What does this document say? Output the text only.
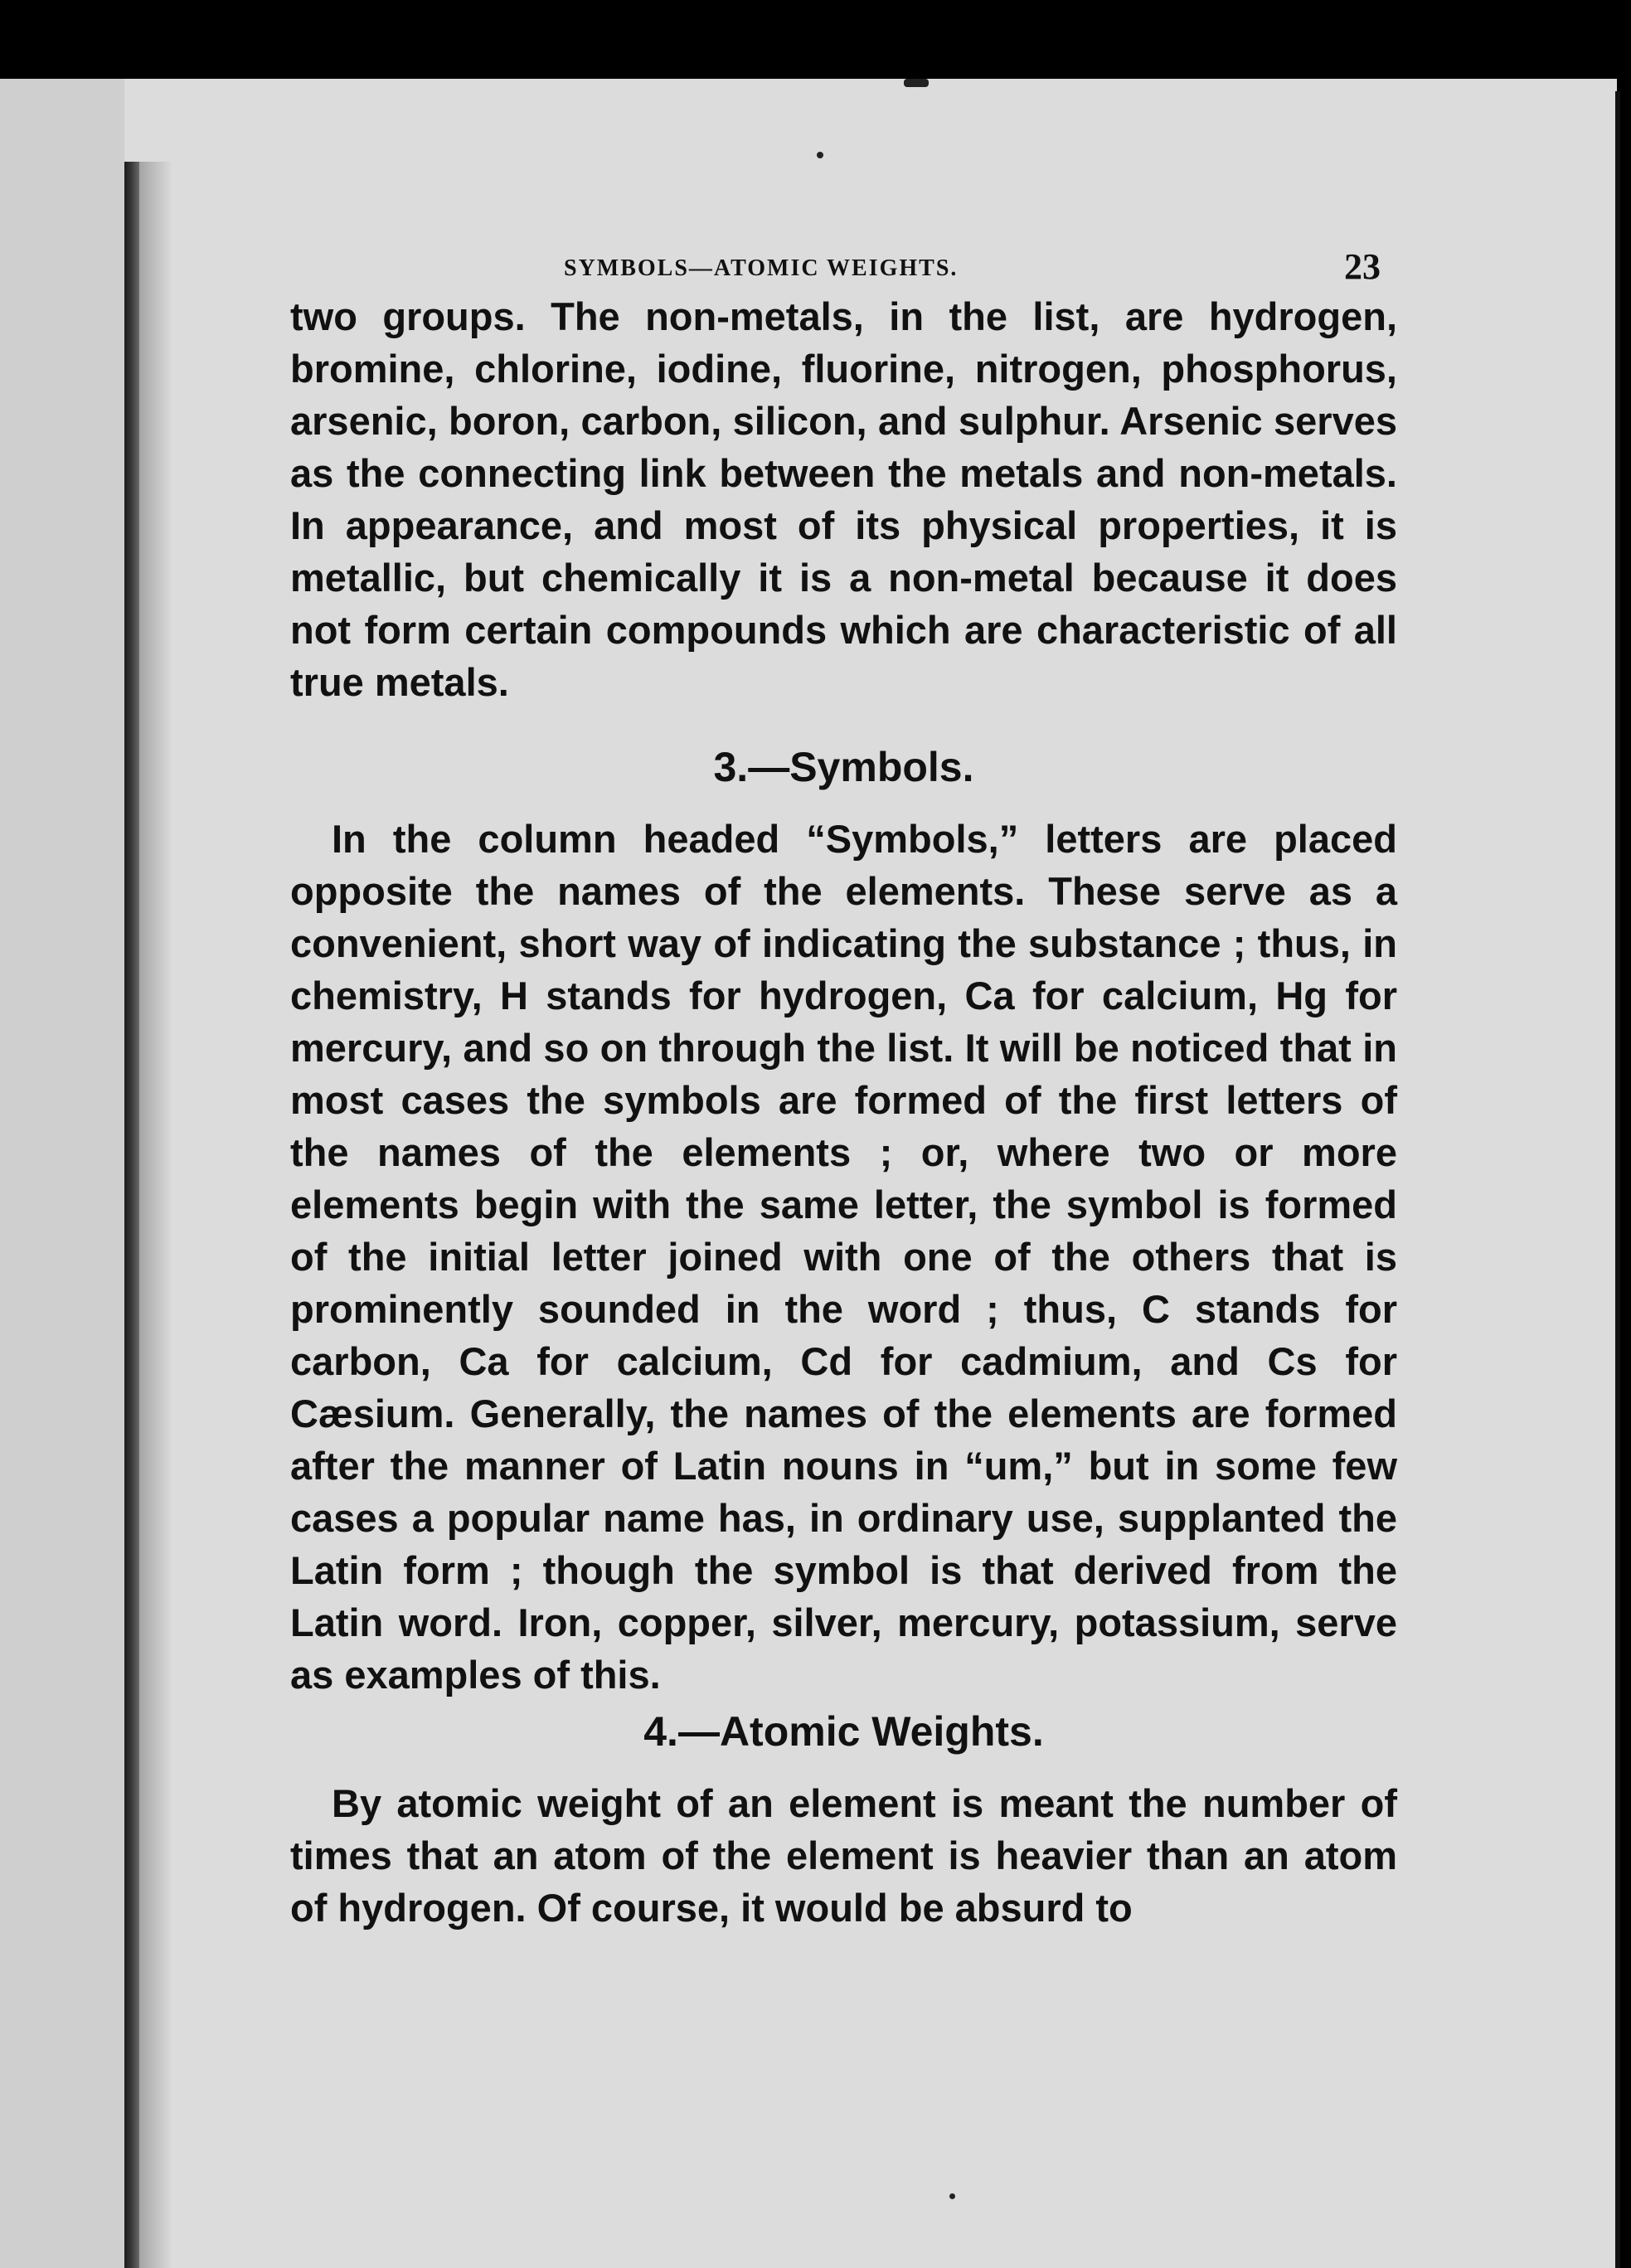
SYMBOLS—ATOMIC WEIGHTS.	23

two groups. The non-metals, in the list, are hydrogen, bromine, chlorine, iodine, fluorine, nitrogen, phosphorus, arsenic, boron, carbon, silicon, and sulphur. Arsenic serves as the connecting link between the metals and non-metals. In appearance, and most of its physical properties, it is metallic, but chemically it is a non-metal because it does not form certain compounds which are characteristic of all true metals.

3.—Symbols.

In the column headed “Symbols,” letters are placed opposite the names of the elements. These serve as a convenient, short way of indicating the substance ; thus, in chemistry, H stands for hydrogen, Ca for calcium, Hg for mercury, and so on through the list. It will be noticed that in most cases the symbols are formed of the first letters of the names of the elements ; or, where two or more elements begin with the same letter, the symbol is formed of the initial letter joined with one of the others that is prominently sounded in the word ; thus, C stands for carbon, Ca for calcium, Cd for cadmium, and Cs for Cæsium. Generally, the names of the elements are formed after the manner of Latin nouns in “um,” but in some few cases a popular name has, in ordinary use, supplanted the Latin form ; though the symbol is that derived from the Latin word. Iron, copper, silver, mercury, potassium, serve as examples of this.

4.—Atomic Weights.

By atomic weight of an element is meant the number of times that an atom of the element is heavier than an atom of hydrogen. Of course, it would be absurd to
